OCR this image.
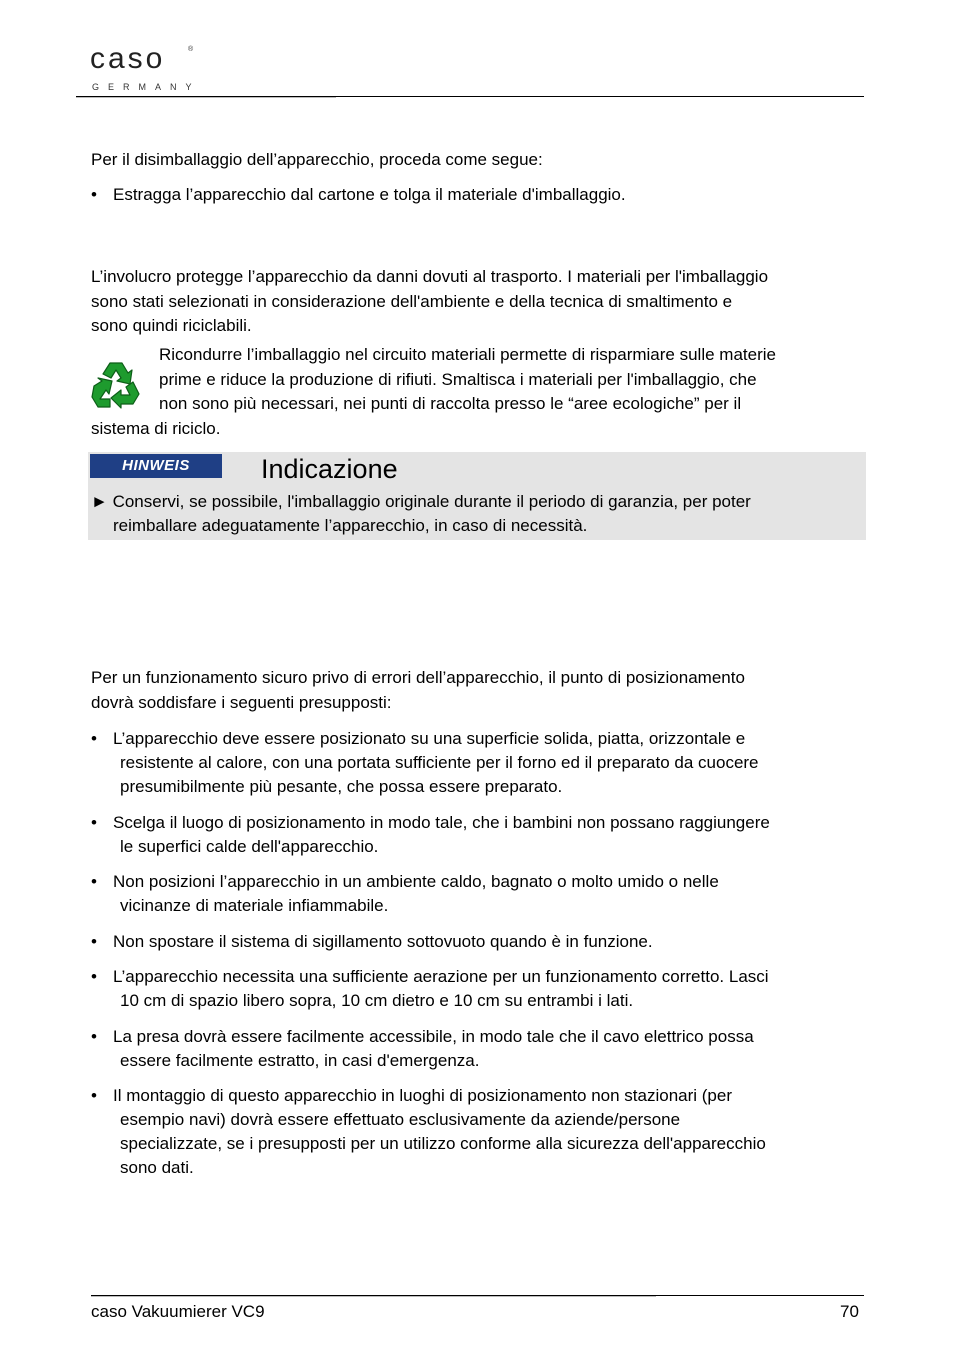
caso	®
GERMANY
Per il disimballaggio dell’apparecchio, proceda come segue:
• Estragga l’apparecchio dal cartone e tolga il materiale d'imballaggio.
L’involucro protegge l’apparecchio da danni dovuti al trasporto. I materiali per l'imballaggio
sono stati selezionati in considerazione dell'ambiente e della tecnica di smaltimento e
sono quindi riciclabili.
Ricondurre l’imballaggio nel circuito materiali permette di risparmiare sulle materie
prime e riduce la produzione di rifiuti. Smaltisca i materiali per l'imballaggio, che
non sono più necessari, nei punti di raccolta presso le “aree ecologiche” per il
sistema di riciclo.
HINWEIS	Indicazione
► Conservi, se possibile, l'imballaggio originale durante il periodo di garanzia, per poter
reimballare adeguatamente l’apparecchio, in caso di necessità.
Per un funzionamento sicuro privo di errori dell’apparecchio, il punto di posizionamento
dovrà soddisfare i seguenti presupposti:
• L’apparecchio deve essere posizionato su una superficie solida, piatta, orizzontale e
resistente al calore, con una portata sufficiente per il forno ed il preparato da cuocere
presumibilmente più pesante, che possa essere preparato.
• Scelga il luogo di posizionamento in modo tale, che i bambini non possano raggiungere
le superfici calde dell'apparecchio.
• Non posizioni l’apparecchio in un ambiente caldo, bagnato o molto umido o nelle
vicinanze di materiale infiammabile.
• Non spostare il sistema di sigillamento sottovuoto quando è in funzione.
• L’apparecchio necessita una sufficiente aerazione per un funzionamento corretto. Lasci
10 cm di spazio libero sopra, 10 cm dietro e 10 cm su entrambi i lati.
• La presa dovrà essere facilmente accessibile, in modo tale che il cavo elettrico possa
essere facilmente estratto, in casi d'emergenza.
• Il montaggio di questo apparecchio in luoghi di posizionamento non stazionari (per
esempio navi) dovrà essere effettuato esclusivamente da aziende/persone
specializzate, se i presupposti per un utilizzo conforme alla sicurezza dell'apparecchio
sono dati.
caso Vakuumierer VC9	70
